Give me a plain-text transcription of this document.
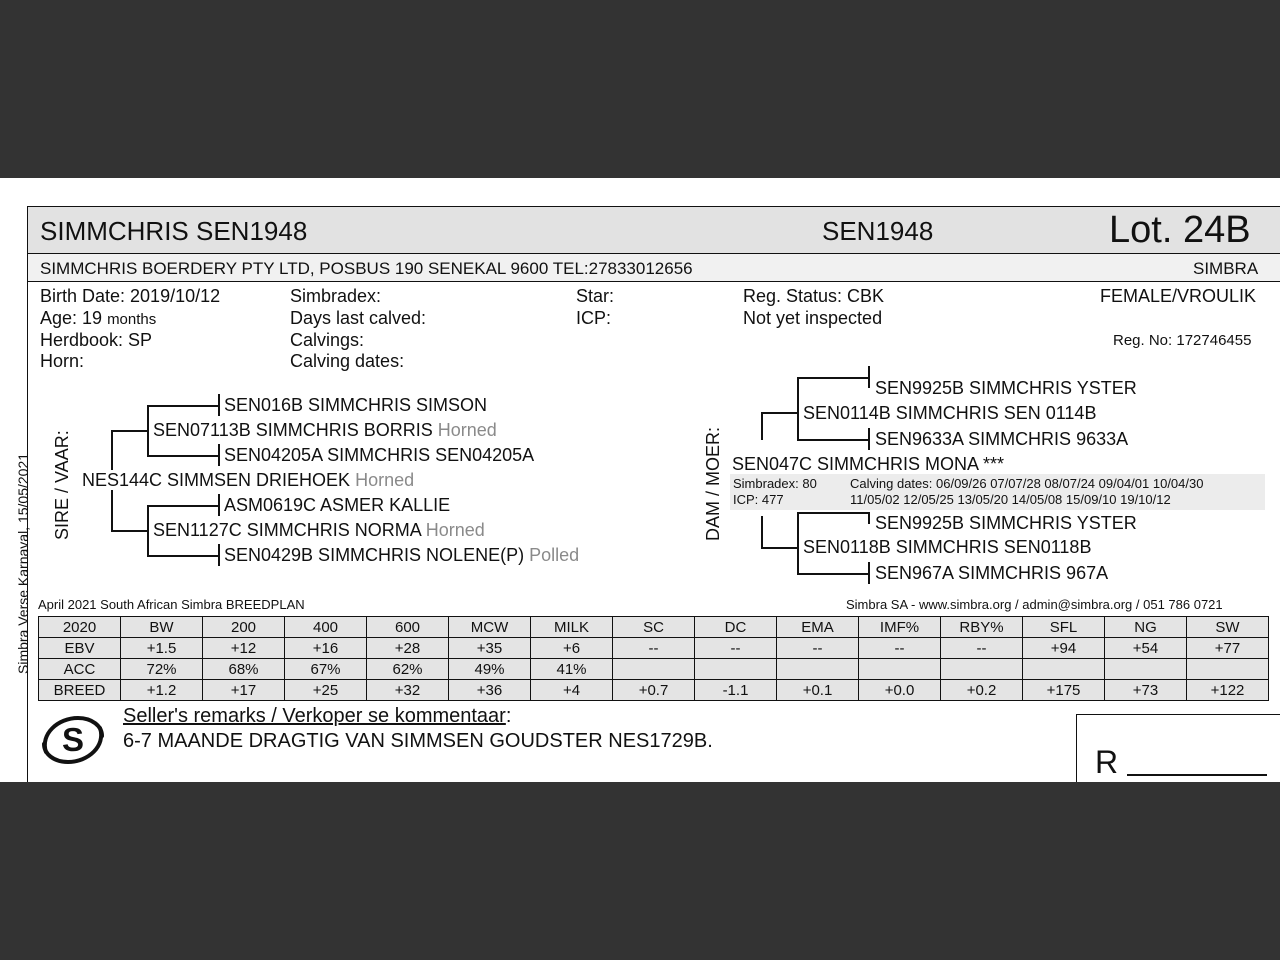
Simbra Verse Karnaval, 15/05/2021
SIMMCHRIS SEN1948	SEN1948	Lot. 24B
SIMMCHRIS BOERDERY PTY LTD, POSBUS 190 SENEKAL 9600 TEL:27833012656	SIMBRA
Birth Date: 2019/10/12
Age: 19 months
Herdbook: SP
Horn:
Simbradex:
Days last calved:
Calvings:
Calving dates:
Star:
ICP:
Reg. Status: CBK
Not yet inspected
FEMALE/VROULIK
Reg. No: 172746455
SIRE / VAAR:
SEN016B SIMMCHRIS SIMSON
SEN07113B SIMMCHRIS BORRIS Horned
SEN04205A SIMMCHRIS SEN04205A
NES144C SIMMSEN DRIEHOEK Horned
ASM0619C ASMER KALLIE
SEN1127C SIMMCHRIS NORMA Horned
SEN0429B SIMMCHRIS NOLENE(P) Polled
DAM / MOER:
SEN9925B SIMMCHRIS YSTER
SEN0114B SIMMCHRIS SEN 0114B
SEN9633A SIMMCHRIS 9633A
SEN047C SIMMCHRIS MONA ***
Simbradex: 80
ICP: 477
Calving dates: 06/09/26 07/07/28 08/07/24 09/04/01 10/04/30
11/05/02 12/05/25 13/05/20 14/05/08 15/09/10 19/10/12
SEN9925B SIMMCHRIS YSTER
SEN0118B SIMMCHRIS SEN0118B
SEN967A SIMMCHRIS 967A
April 2021 South African Simbra BREEDPLAN	Simbra SA - www.simbra.org / admin@simbra.org / 051 786 0721
2020	BW	200	400	600	MCW	MILK	SC	DC	EMA	IMF%	RBY%	SFL	NG	SW
EBV	+1.5	+12	+16	+28	+35	+6	--	--	--	--	--	+94	+54	+77
ACC	72%	68%	67%	62%	49%	41%								
BREED	+1.2	+17	+25	+32	+36	+4	+0.7	-1.1	+0.1	+0.0	+0.2	+175	+73	+122
S
Seller's remarks / Verkoper se kommentaar:
6-7 MAANDE DRAGTIG VAN SIMMSEN GOUDSTER NES1729B.
R
